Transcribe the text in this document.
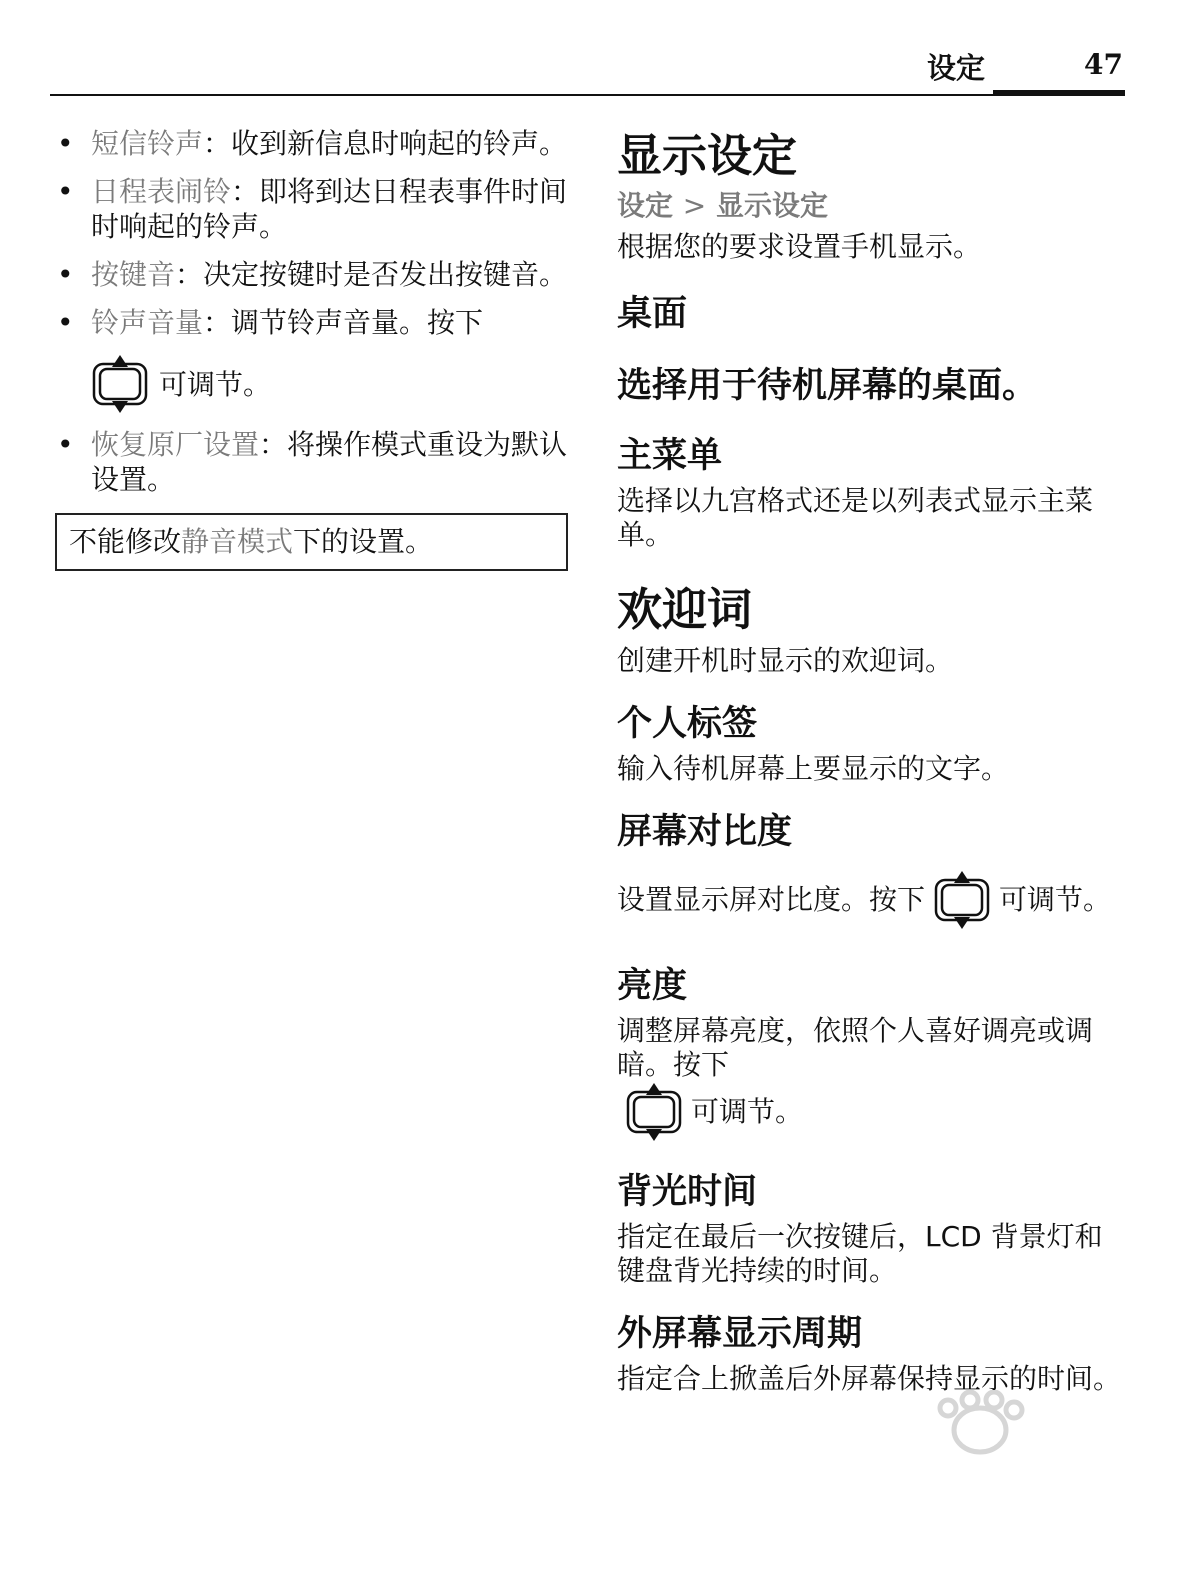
设定	47
• 短信铃声：收到新信息时响起的铃声。
• 日程表闹铃：即将到达日程表事件时间时响起的铃声。
• 按键音：决定按键时是否发出按键音。
• 铃声音量：调节铃声音量。按下
可调节。
• 恢复原厂设置：将操作模式重设为默认设置。
不能修改静音模式下的设置。
显示设定
设定 > 显示设定

根据您的要求设置手机显示。

桌面
选择用于待机屏幕的桌面。
主菜单

选择以九宫格式还是以列表式显示主菜单。

欢迎词

创建开机时显示的欢迎词。

个人标签

输入待机屏幕上要显示的文字。

屏幕对比度
设置显示屏对比度。按下	可调节。
亮度
调整屏幕亮度，依照个人喜好调亮或调暗。按下
可调节。
背光时间

指定在最后一次按键后，LCD 背景灯和键盘背光持续的时间。

外屏幕显示周期

指定合上掀盖后外屏幕保持显示的时间。
